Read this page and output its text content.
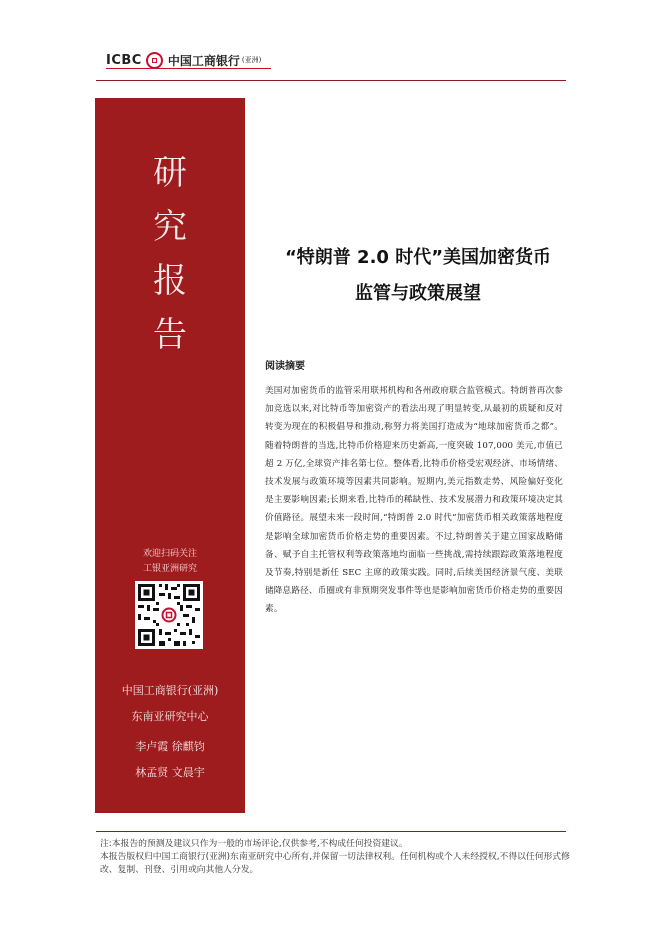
ICBC 中国工商银行 (亚洲)
研
究
报
告
欢迎扫码关注
工银亚洲研究
中国工商银行(亚洲)
东南亚研究中心
李卢霞 徐麒钧
林孟贤 文晨宇
“特朗普 2.0 时代”美国加密货币
监管与政策展望
阅读摘要
美国对加密货币的监管采用联邦机构和各州政府联合监管模式。特朗普再次参加竞选以来,对比特币等加密资产的看法出现了明显转变,从最初的质疑和反对转变为现在的积极倡导和推动,称努力将美国打造成为“地球加密货币之都”。随着特朗普的当选,比特币价格迎来历史新高,一度突破 107,000 美元,市值已超 2 万亿,全球资产排名第七位。整体看,比特币价格受宏观经济、市场情绪、技术发展与政策环境等因素共同影响。短期内,美元指数走势、风险偏好变化是主要影响因素;长期来看,比特币的稀缺性、技术发展潜力和政策环境决定其价值路径。展望未来一段时间,“特朗普 2.0 时代”加密货币相关政策落地程度是影响全球加密货币价格走势的重要因素。不过,特朗普关于建立国家战略储备、赋予自主托管权利等政策落地均面临一些挑战,需持续跟踪政策落地程度及节奏,特别是新任 SEC 主席的政策实践。同时,后续美国经济景气度、美联储降息路径、币圈或有非预期突发事件等也是影响加密货币价格走势的重要因素。

注:本报告的预测及建议只作为一般的市场评论,仅供参考,不构成任何投资建议。

本报告版权归中国工商银行(亚洲)东南亚研究中心所有,并保留一切法律权利。任何机构或个人未经授权,不得以任何形式修改、复制、刊登、引用或向其他人分发。
